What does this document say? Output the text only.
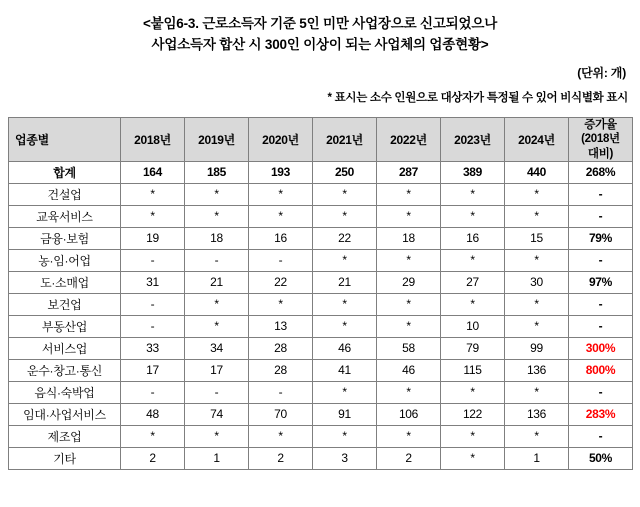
<붙임6-3. 근로소득자 기준 5인 미만 사업장으로 신고되었으나
사업소득자 합산 시 300인 이상이 되는 사업체의 업종현황>
(단위: 개)
* 표시는 소수 인원으로 대상자가 특정될 수 있어 비식별화 표시
업종별	2018년	2019년	2020년	2021년	2022년	2023년	2024년	증가율
(2018년
대비)
합계	164	185	193	250	287	389	440	268%
건설업	*	*	*	*	*	*	*	-
교육서비스	*	*	*	*	*	*	*	-
금융·보험	19	18	16	22	18	16	15	79%
농·임·어업	-	-	-	*	*	*	*	-
도·소매업	31	21	22	21	29	27	30	97%
보건업	-	*	*	*	*	*	*	-
부동산업	-	*	13	*	*	10	*	-
서비스업	33	34	28	46	58	79	99	300%
운수·창고·통신	17	17	28	41	46	115	136	800%
음식·숙박업	-	-	-	*	*	*	*	-
임대·사업서비스	48	74	70	91	106	122	136	283%
제조업	*	*	*	*	*	*	*	-
기타	2	1	2	3	2	*	1	50%
